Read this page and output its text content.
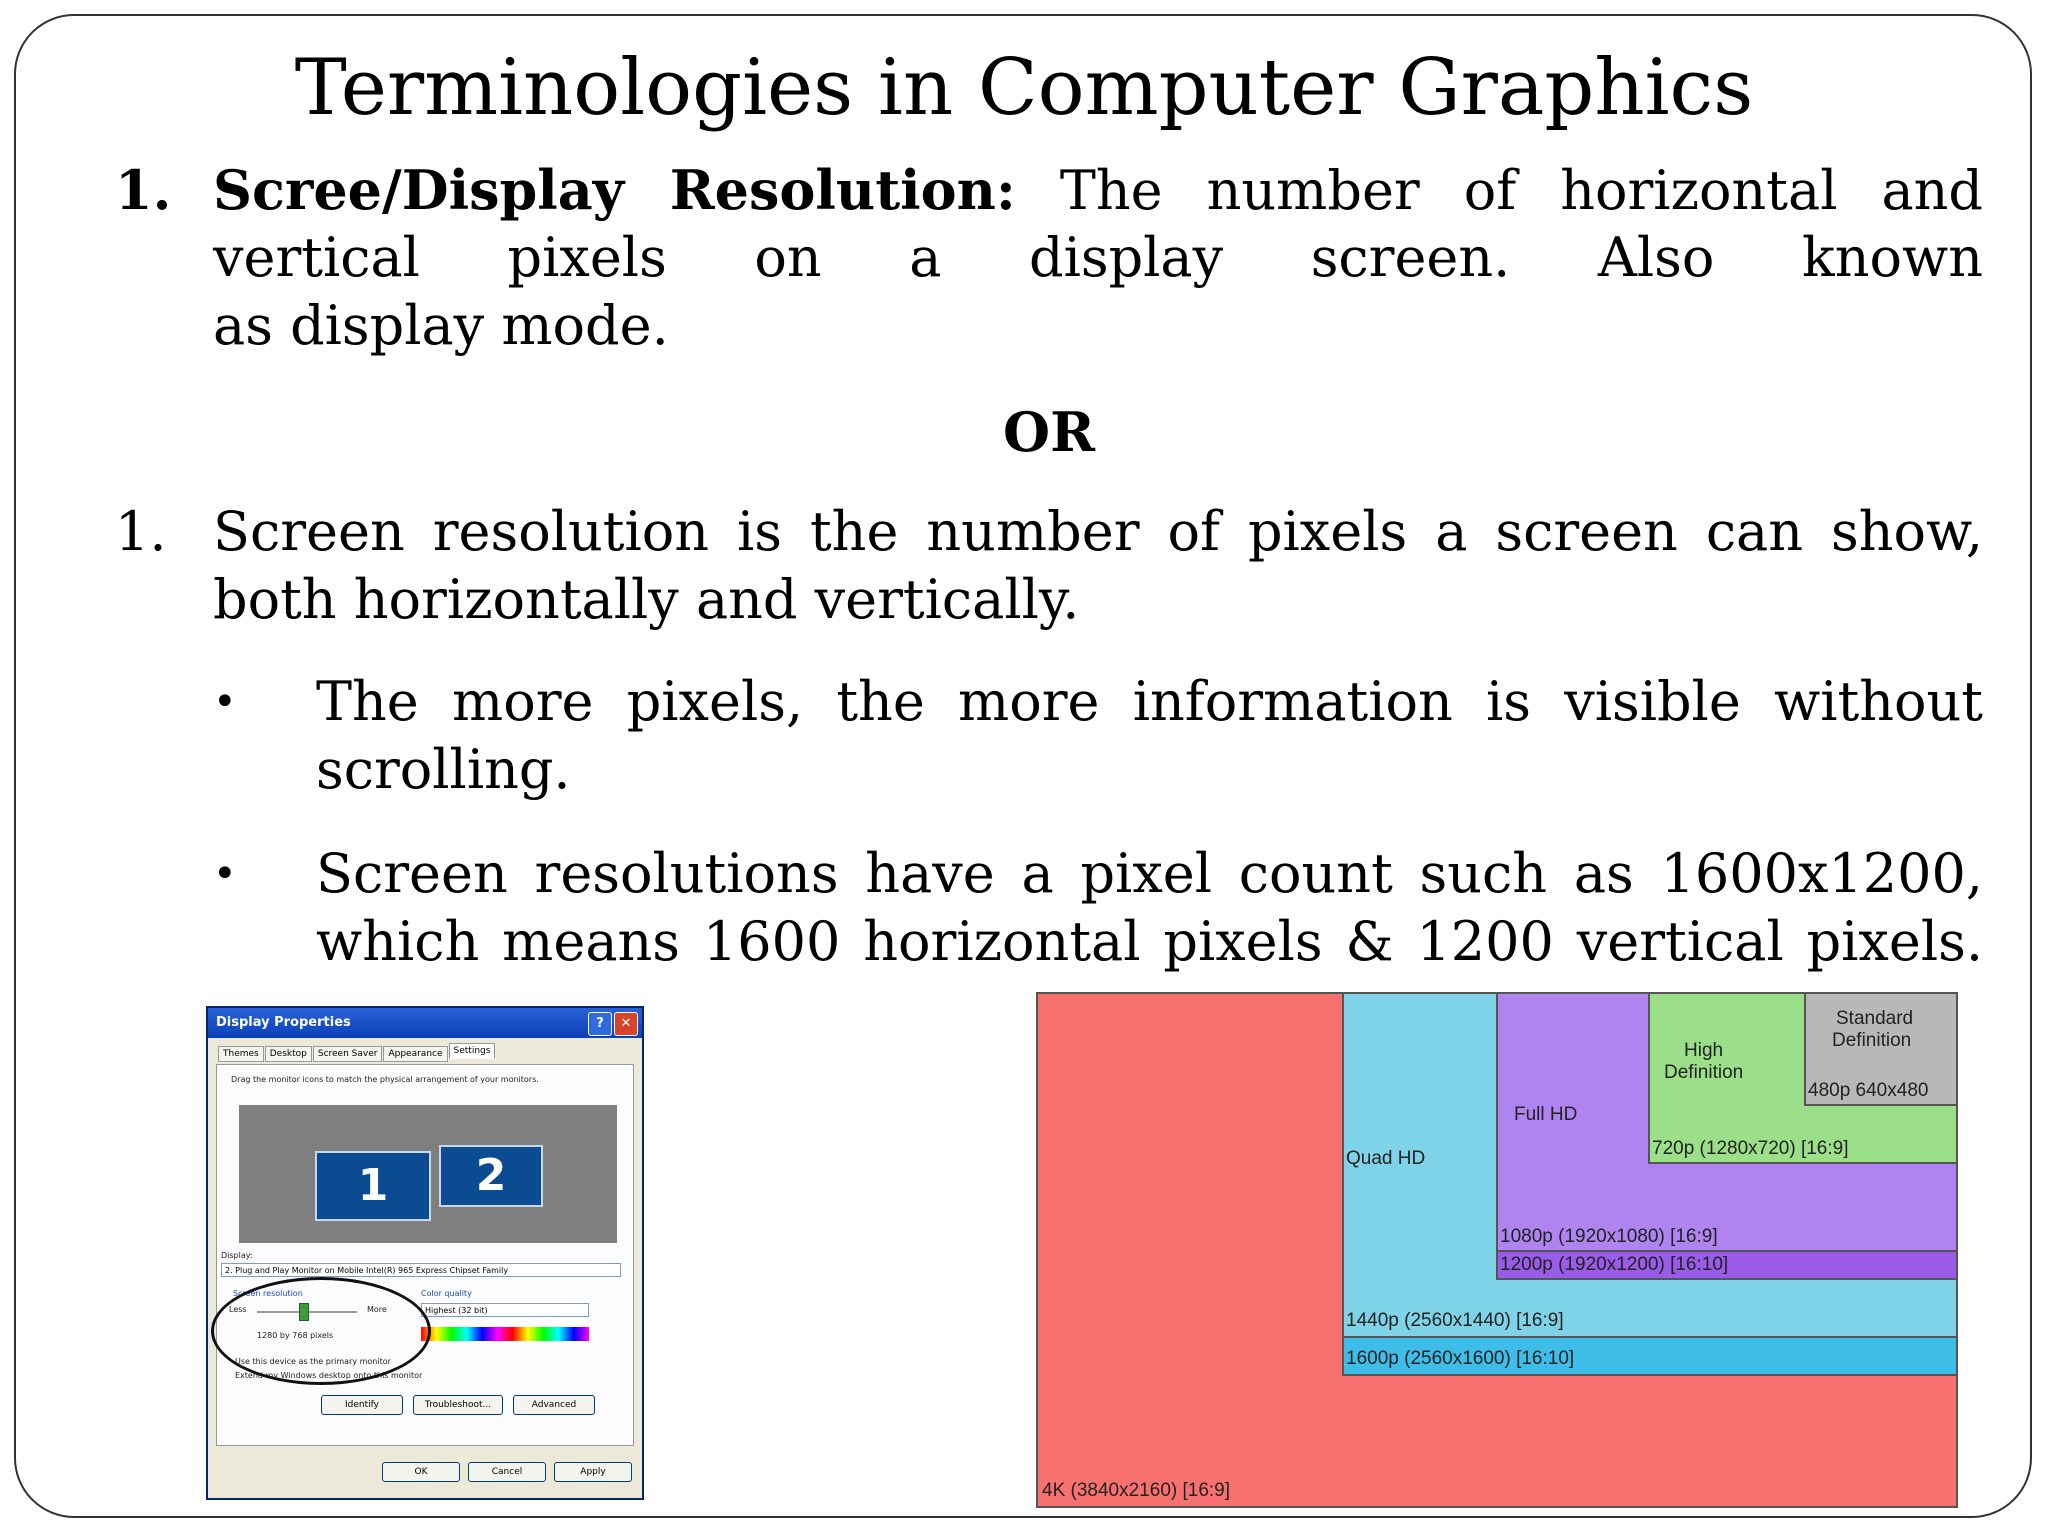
Terminologies in Computer Graphics
1. Scree/Display Resolution: The number of horizontal and
vertical pixels on a display screen. Also known
as display mode.
OR
1. Screen resolution is the number of pixels a screen can show,
both horizontally and vertically.
• The more pixels, the more information is visible without
scrolling.
• Screen resolutions have a pixel count such as 1600x1200,
which means 1600 horizontal pixels & 1200 vertical pixels.
Display Properties	?	✕
Themes	Desktop	Screen Saver	Appearance	Settings
Drag the monitor icons to match the physical arrangement of your monitors.
1	2
Display:
2. Plug and Play Monitor on Mobile Intel(R) 965 Express Chipset Family
Screen resolution
Less	More
1280 by 768 pixels
Color quality
Highest (32 bit)
Use this device as the primary monitor
Extend my Windows desktop onto this monitor
Identify	Troubleshoot...	Advanced
OK	Cancel	Apply
4K (3840x2160) [16:9]
1600p (2560x1600) [16:10]
1440p (2560x1440) [16:9]
Quad HD
1200p (1920x1200) [16:10]
1080p (1920x1080) [16:9]
Full HD
720p (1280x720) [16:9]
High
Definition
Standard
Definition
480p 640x480
